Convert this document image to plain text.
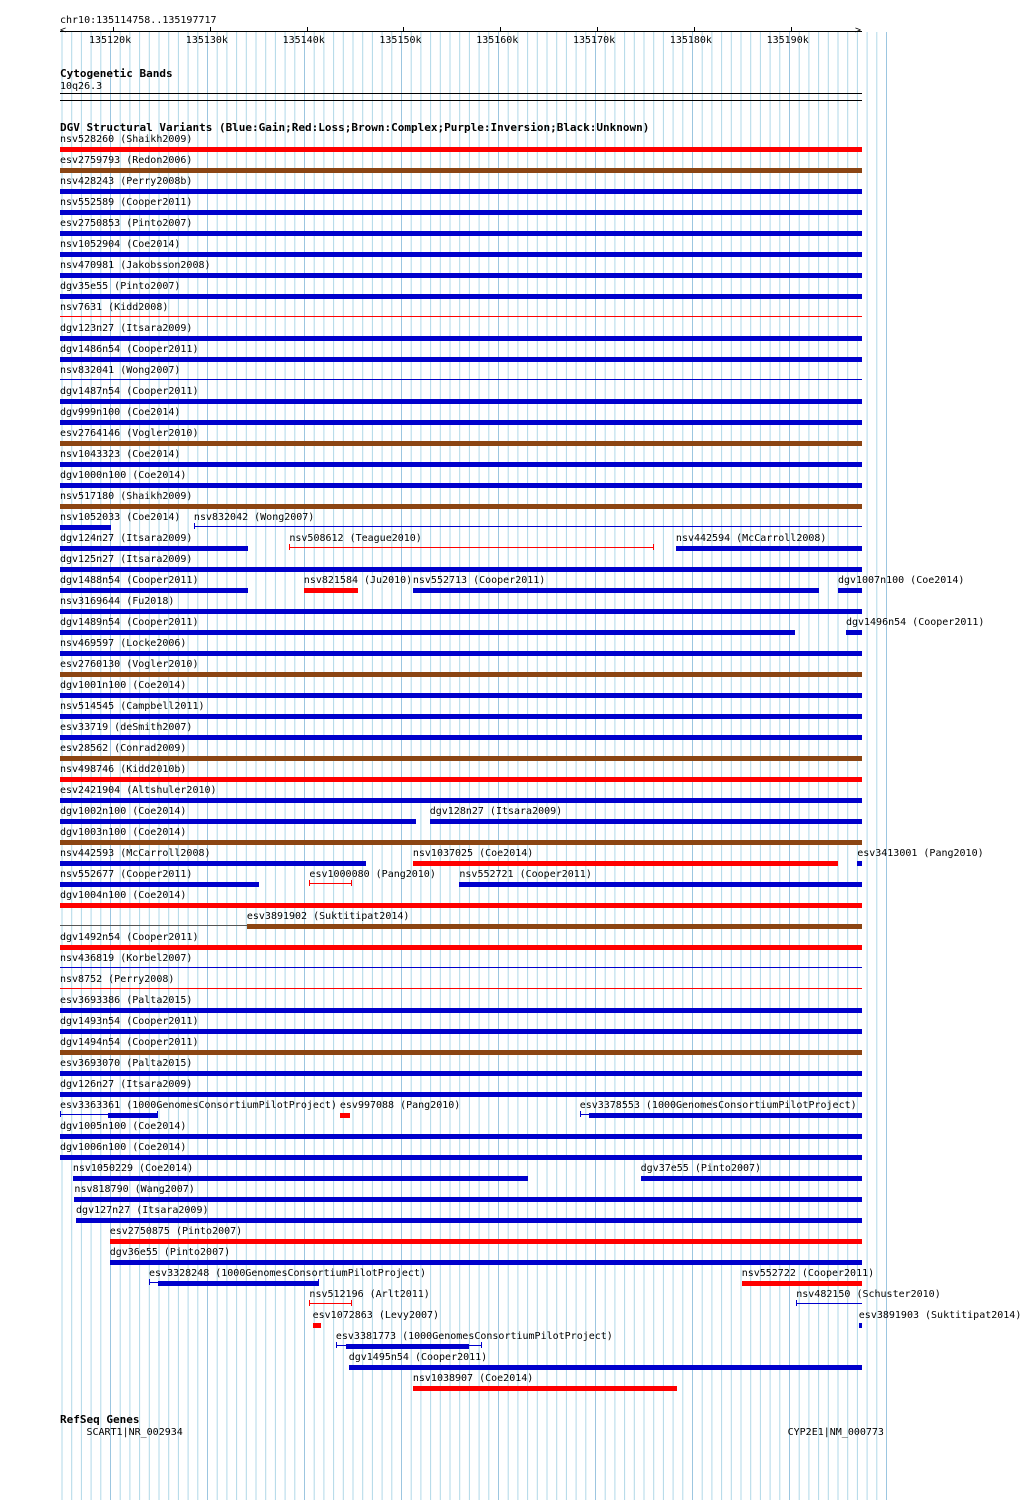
chr10:135114758..135197717
<	>
135120k	135130k	135140k	135150k	135160k	135170k	135180k	135190k
Cytogenetic Bands
10q26.3
DGV Structural Variants (Blue:Gain;Red:Loss;Brown:Complex;Purple:Inversion;Black:Unknown)
nsv528260 (Shaikh2009)
esv2759793 (Redon2006)
nsv428243 (Perry2008b)
nsv552589 (Cooper2011)
esv2750853 (Pinto2007)
nsv1052904 (Coe2014)
nsv470981 (Jakobsson2008)
dgv35e55 (Pinto2007)
nsv7631 (Kidd2008)
dgv123n27 (Itsara2009)
dgv1486n54 (Cooper2011)
nsv832041 (Wong2007)
dgv1487n54 (Cooper2011)
dgv999n100 (Coe2014)
esv2764146 (Vogler2010)
nsv1043323 (Coe2014)
dgv1000n100 (Coe2014)
nsv517180 (Shaikh2009)
nsv1052033 (Coe2014) nsv832042 (Wong2007)
dgv124n27 (Itsara2009)	nsv508612 (Teague2010)	nsv442594 (McCarroll2008)
dgv125n27 (Itsara2009)
dgv1488n54 (Cooper2011)	nsv821584 (Ju2010) nsv552713 (Cooper2011)	dgv1007n100 (Coe2014)
nsv3169644 (Fu2018)
dgv1489n54 (Cooper2011)	dgv1496n54 (Cooper2011)
nsv469597 (Locke2006)
esv2760130 (Vogler2010)
dgv1001n100 (Coe2014)
nsv514545 (Campbell2011)
esv33719 (deSmith2007)
esv28562 (Conrad2009)
nsv498746 (Kidd2010b)
esv2421904 (Altshuler2010)
dgv1002n100 (Coe2014)	dgv128n27 (Itsara2009)
dgv1003n100 (Coe2014)
nsv442593 (McCarroll2008)	nsv1037025 (Coe2014)	esv3413001 (Pang2010)
nsv552677 (Cooper2011)	esv1000080 (Pang2010) nsv552721 (Cooper2011)
dgv1004n100 (Coe2014)
esv3891902 (Suktitipat2014)
dgv1492n54 (Cooper2011)
nsv436819 (Korbel2007)
nsv8752 (Perry2008)
esv3693386 (Palta2015)
dgv1493n54 (Cooper2011)
dgv1494n54 (Cooper2011)
esv3693070 (Palta2015)
dgv126n27 (Itsara2009)
esv3363361 (1000GenomesConsortiumPilotProject) esv997088 (Pang2010)	esv3378553 (1000GenomesConsortiumPilotProject)
dgv1005n100 (Coe2014)
dgv1006n100 (Coe2014)
nsv1050229 (Coe2014)	dgv37e55 (Pinto2007)
nsv818790 (Wang2007)
dgv127n27 (Itsara2009)
esv2750875 (Pinto2007)
dgv36e55 (Pinto2007)
esv3328248 (1000GenomesConsortiumPilotProject)	nsv552722 (Cooper2011)
nsv512196 (Arlt2011)	nsv482150 (Schuster2010)
esv1072863 (Levy2007)	esv3891903 (Suktitipat2014)
esv3381773 (1000GenomesConsortiumPilotProject)
dgv1495n54 (Cooper2011)
nsv1038907 (Coe2014)
RefSeq Genes
SCART1|NR_002934	CYP2E1|NM_000773
